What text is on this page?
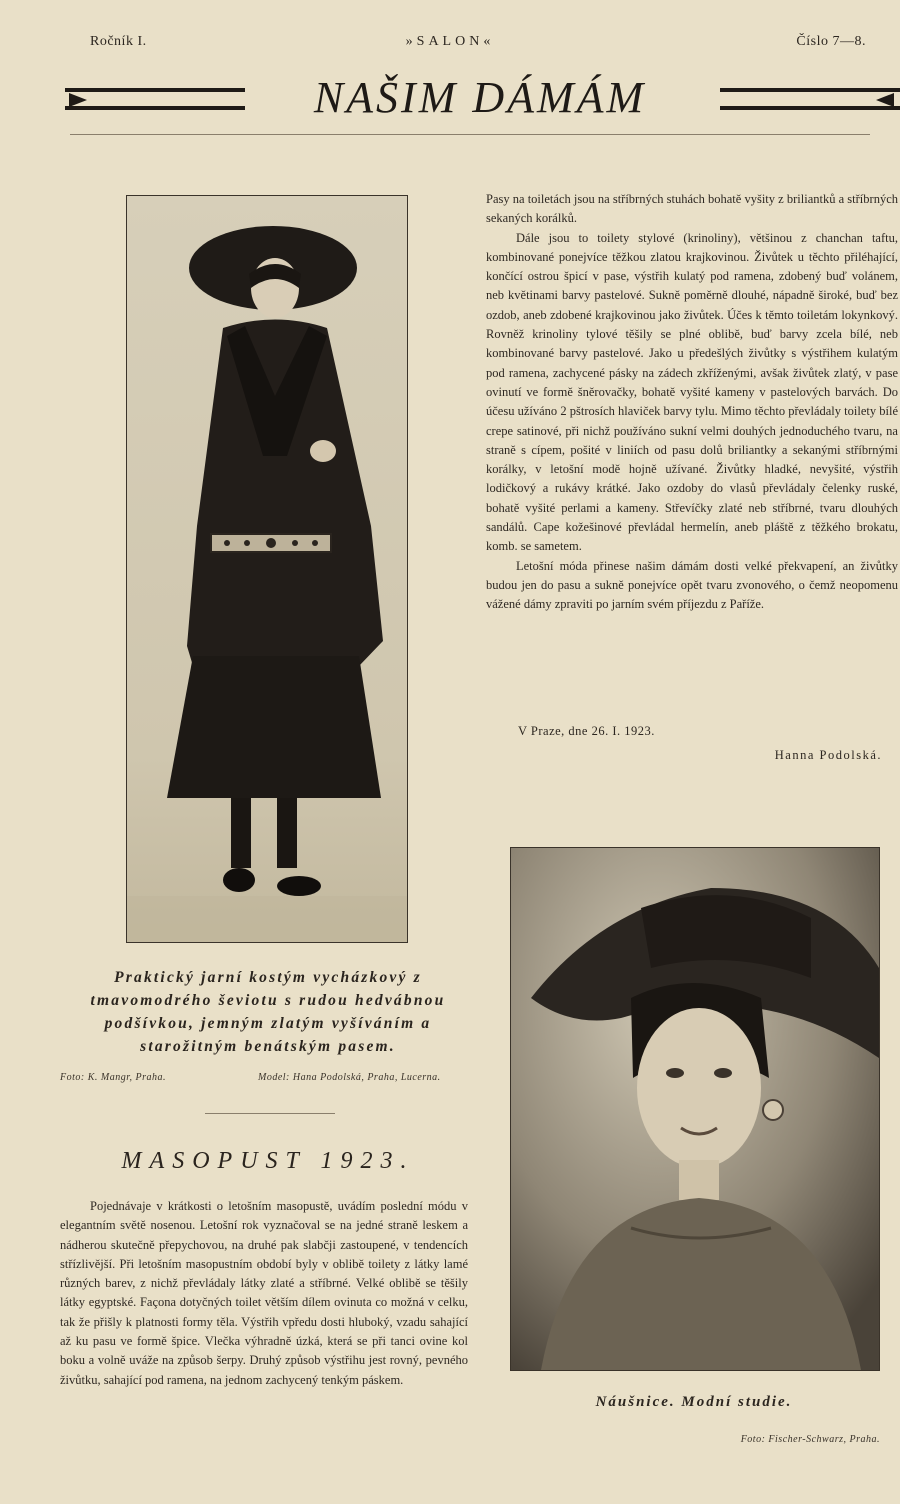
Ročník I.	»SALON«	Číslo 7—8.
NAŠIM DÁMÁM
Praktický jarní kostým vycházkový z tmavomodrého ševiotu s rudou hedvábnou podšívkou, jemným zlatým vyšíváním a starožitným benátským pasem.
Foto: K. Mangr, Praha.	Model: Hana Podolská, Praha, Lucerna.
MASOPUST 1923.

Pojednávaje v krátkosti o letošním masopustě, uvádím poslední módu v elegantním světě nosenou. Letošní rok vyznačoval se na jedné straně leskem a nádherou skutečně přepychovou, na druhé pak slabčji zastoupené, v tendencích střízlivější. Při letošním masopustním období byly v oblibě toilety z látky lamé různých barev, z nichž převládaly látky zlaté a stříbrné. Velké oblibě se těšily látky egyptské. Façona dotyčných toilet větším dílem ovinuta co možná v celku, tak že přišly k platnosti formy těla. Výstřih vpředu dosti hluboký, vzadu sahající až ku pasu ve formě špice. Vlečka výhradně úzká, která se při tanci ovine kol boku a volně uváže na způsob šerpy. Druhý způsob výstřihu jest rovný, pevného živůtku, sahající pod ramena, na jednom zachycený tenkým páskem.

Pasy na toiletách jsou na stříbrných stuhách bohatě vyšity z briliantků a stříbrných sekaných korálků.

Dále jsou to toilety stylové (krinoliny), většinou z chanchan taftu, kombinované ponejvíce těžkou zlatou krajkovinou. Živůtek u těchto přiléhající, končící ostrou špicí v pase, výstřih kulatý pod ramena, zdobený buď volánem, neb květinami barvy pastelové. Sukně poměrně dlouhé, nápadně široké, buď bez ozdob, aneb zdobené krajkovinou jako živůtek. Účes k těmto toiletám lokynkový. Rovněž krinoliny tylové těšily se plné oblibě, buď barvy zcela bílé, neb kombinované barvy pastelové. Jako u předešlých živůtky s výstřihem kulatým pod ramena, zachycené pásky na zádech zkříženými, avšak živůtek zlatý, v pase ovinutí ve formě šněrovačky, bohatě vyšité kameny v pastelových barvách. Do účesu užíváno 2 pštrosích hlaviček barvy tylu. Mimo těchto převládaly toilety bílé crepe satinové, při nichž používáno sukní velmi douhých jednoduchého tvaru, na straně s cípem, pošité v liniích od pasu dolů briliantky a sekanými stříbrnými korálky, v letošní modě hojně užívané. Živůtky hladké, nevyšité, výstřih lodičkový a rukávy krátké. Jako ozdoby do vlasů převládaly čelenky ruské, bohatě vyšité perlami a kameny. Střevíčky zlaté neb stříbrné, tvaru dlouhých sandálů. Cape kožešinové převládal hermelín, aneb pláště z těžkého brokatu, komb. se sametem.

Letošní móda přinese našim dámám dosti velké překvapení, an živůtky budou jen do pasu a sukně ponejvíce opět tvaru zvonového, o čemž neopomenu vážené dámy zpraviti po jarním svém příjezdu z Paříže.

V Praze, dne 26. I. 1923.
Hanna Podolská.
Náušnice. Modní studie.
Foto: Fischer-Schwarz, Praha.
